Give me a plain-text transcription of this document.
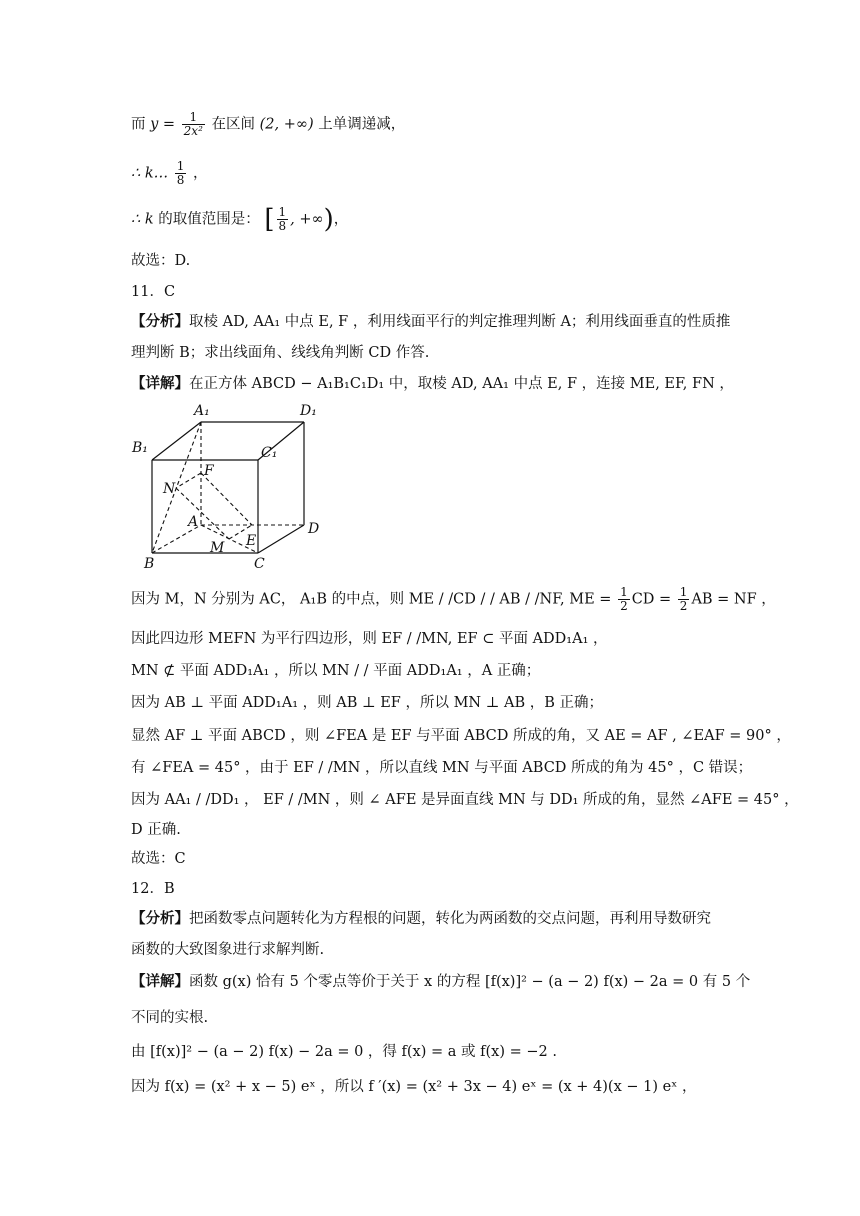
而 $y = \frac{1}{\text{2x²}}$ 在区间 (2, +∞) 上单调递减，
∴ k… $\frac{1}{8}$ ，
∴ k 的取值范围是： [ $\frac{1}{8}$ , +∞)，
故选：D.
11．C
【分析】取棱 AD, AA₁ 中点 E, F ，利用线面平行的判定推理判断 A；利用线面垂直的性质推
理判断 B；求出线面角、线线角判断 CD 作答.
【详解】在正方体 ABCD − A₁B₁C₁D₁ 中，取棱 AD, AA₁ 中点 E, F ，连接 ME, EF, FN ，
A₁	D₁
B₁	C₁
F
N
A	D
E
M
B	C
因为 M，N 分别为 AC， A₁B 的中点，则 ME / /CD / / AB / /NF, ME = $\frac{1}{2}$ CD = $\frac{1}{2}$ AB = NF ，
因此四边形 MEFN 为平行四边形，则 EF / /MN, EF ⊂ 平面 ADD₁A₁ ，
MN ⊄ 平面 ADD₁A₁ ，所以 MN / / 平面 ADD₁A₁ ，A 正确；
因为 AB ⊥ 平面 ADD₁A₁ ，则 AB ⊥ EF ，所以 MN ⊥ AB ，B 正确；
显然 AF ⊥ 平面 ABCD ，则 ∠FEA 是 EF 与平面 ABCD 所成的角，又 AE = AF , ∠EAF = 90° ，
有 ∠FEA = 45° ，由于 EF / /MN ，所以直线 MN 与平面 ABCD 所成的角为 45° ，C 错误；
因为 AA₁ / /DD₁ ， EF / /MN ，则 ∠ AFE 是异面直线 MN 与 DD₁ 所成的角，显然 ∠AFE = 45° ，
D 正确.
故选：C
12．B
【分析】把函数零点问题转化为方程根的问题，转化为两函数的交点问题，再利用导数研究
函数的大致图象进行求解判断.
【详解】函数 g(x) 恰有 5 个零点等价于关于 x 的方程 [f(x)]² − (a − 2) f(x) − 2a = 0 有 5 个
不同的实根.
由 [f(x)]² − (a − 2) f(x) − 2a = 0 ，得 f(x) = a 或 f(x) = −2 .
因为 f(x) = (x² + x − 5) eˣ ，所以 f ′(x) = (x² + 3x − 4) eˣ = (x + 4)(x − 1) eˣ ，
